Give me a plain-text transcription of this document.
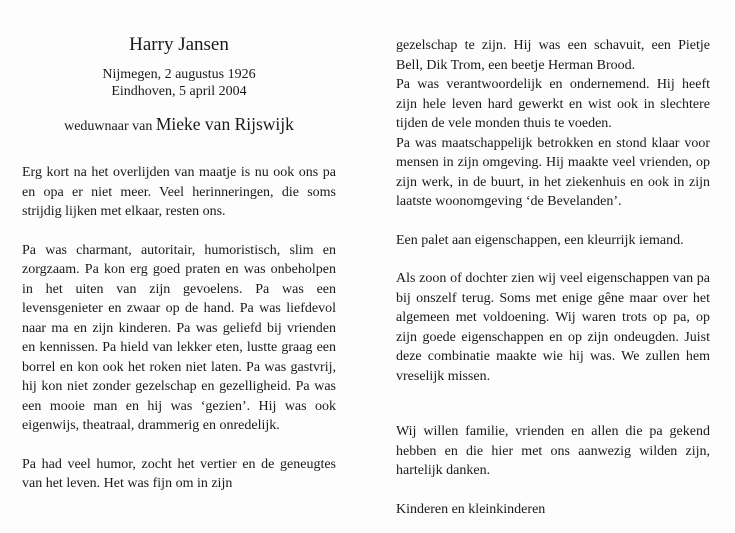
Harry Jansen
Nijmegen, 2 augustus 1926
Eindhoven, 5 april 2004
weduwnaar van Mieke van Rijswijk

Erg kort na het overlijden van maatje is nu ook ons pa en opa er niet meer. Veel herinneringen, die soms strijdig lijken met elkaar, resten ons.

Pa was charmant, autoritair, humoristisch, slim en zorgzaam. Pa kon erg goed praten en was onbeholpen in het uiten van zijn gevoelens. Pa was een levensgenieter en zwaar op de hand. Pa was liefdevol naar ma en zijn kinderen. Pa was geliefd bij vrienden en kennissen. Pa hield van lekker eten, lustte graag een borrel en kon ook het roken niet laten. Pa was gastvrij, hij kon niet zonder gezelschap en gezelligheid. Pa was een mooie man en hij was ‘gezien’. Hij was ook eigenwijs, theatraal, drammerig en onredelijk.

Pa had veel humor, zocht het vertier en de geneugtes van het leven. Het was fijn om in zijn

gezelschap te zijn. Hij was een schavuit, een Pietje Bell, Dik Trom, een beetje Herman Brood.

Pa was verantwoordelijk en ondernemend. Hij heeft zijn hele leven hard gewerkt en wist ook in slechtere tijden de vele monden thuis te voeden.

Pa was maatschappelijk betrokken en stond klaar voor mensen in zijn omgeving. Hij maakte veel vrienden, op zijn werk, in de buurt, in het ziekenhuis en ook in zijn laatste woonomgeving ‘de Bevelanden’.

Een palet aan eigenschappen, een kleurrijk iemand.

Als zoon of dochter zien wij veel eigenschappen van pa bij onszelf terug. Soms met enige gêne maar over het algemeen met voldoening. Wij waren trots op pa, op zijn goede eigenschappen en op zijn ondeugden. Juist deze combinatie maakte wie hij was. We zullen hem vreselijk missen.

Wij willen familie, vrienden en allen die pa gekend hebben en die hier met ons aanwezig wilden zijn, hartelijk danken.

Kinderen en kleinkinderen
